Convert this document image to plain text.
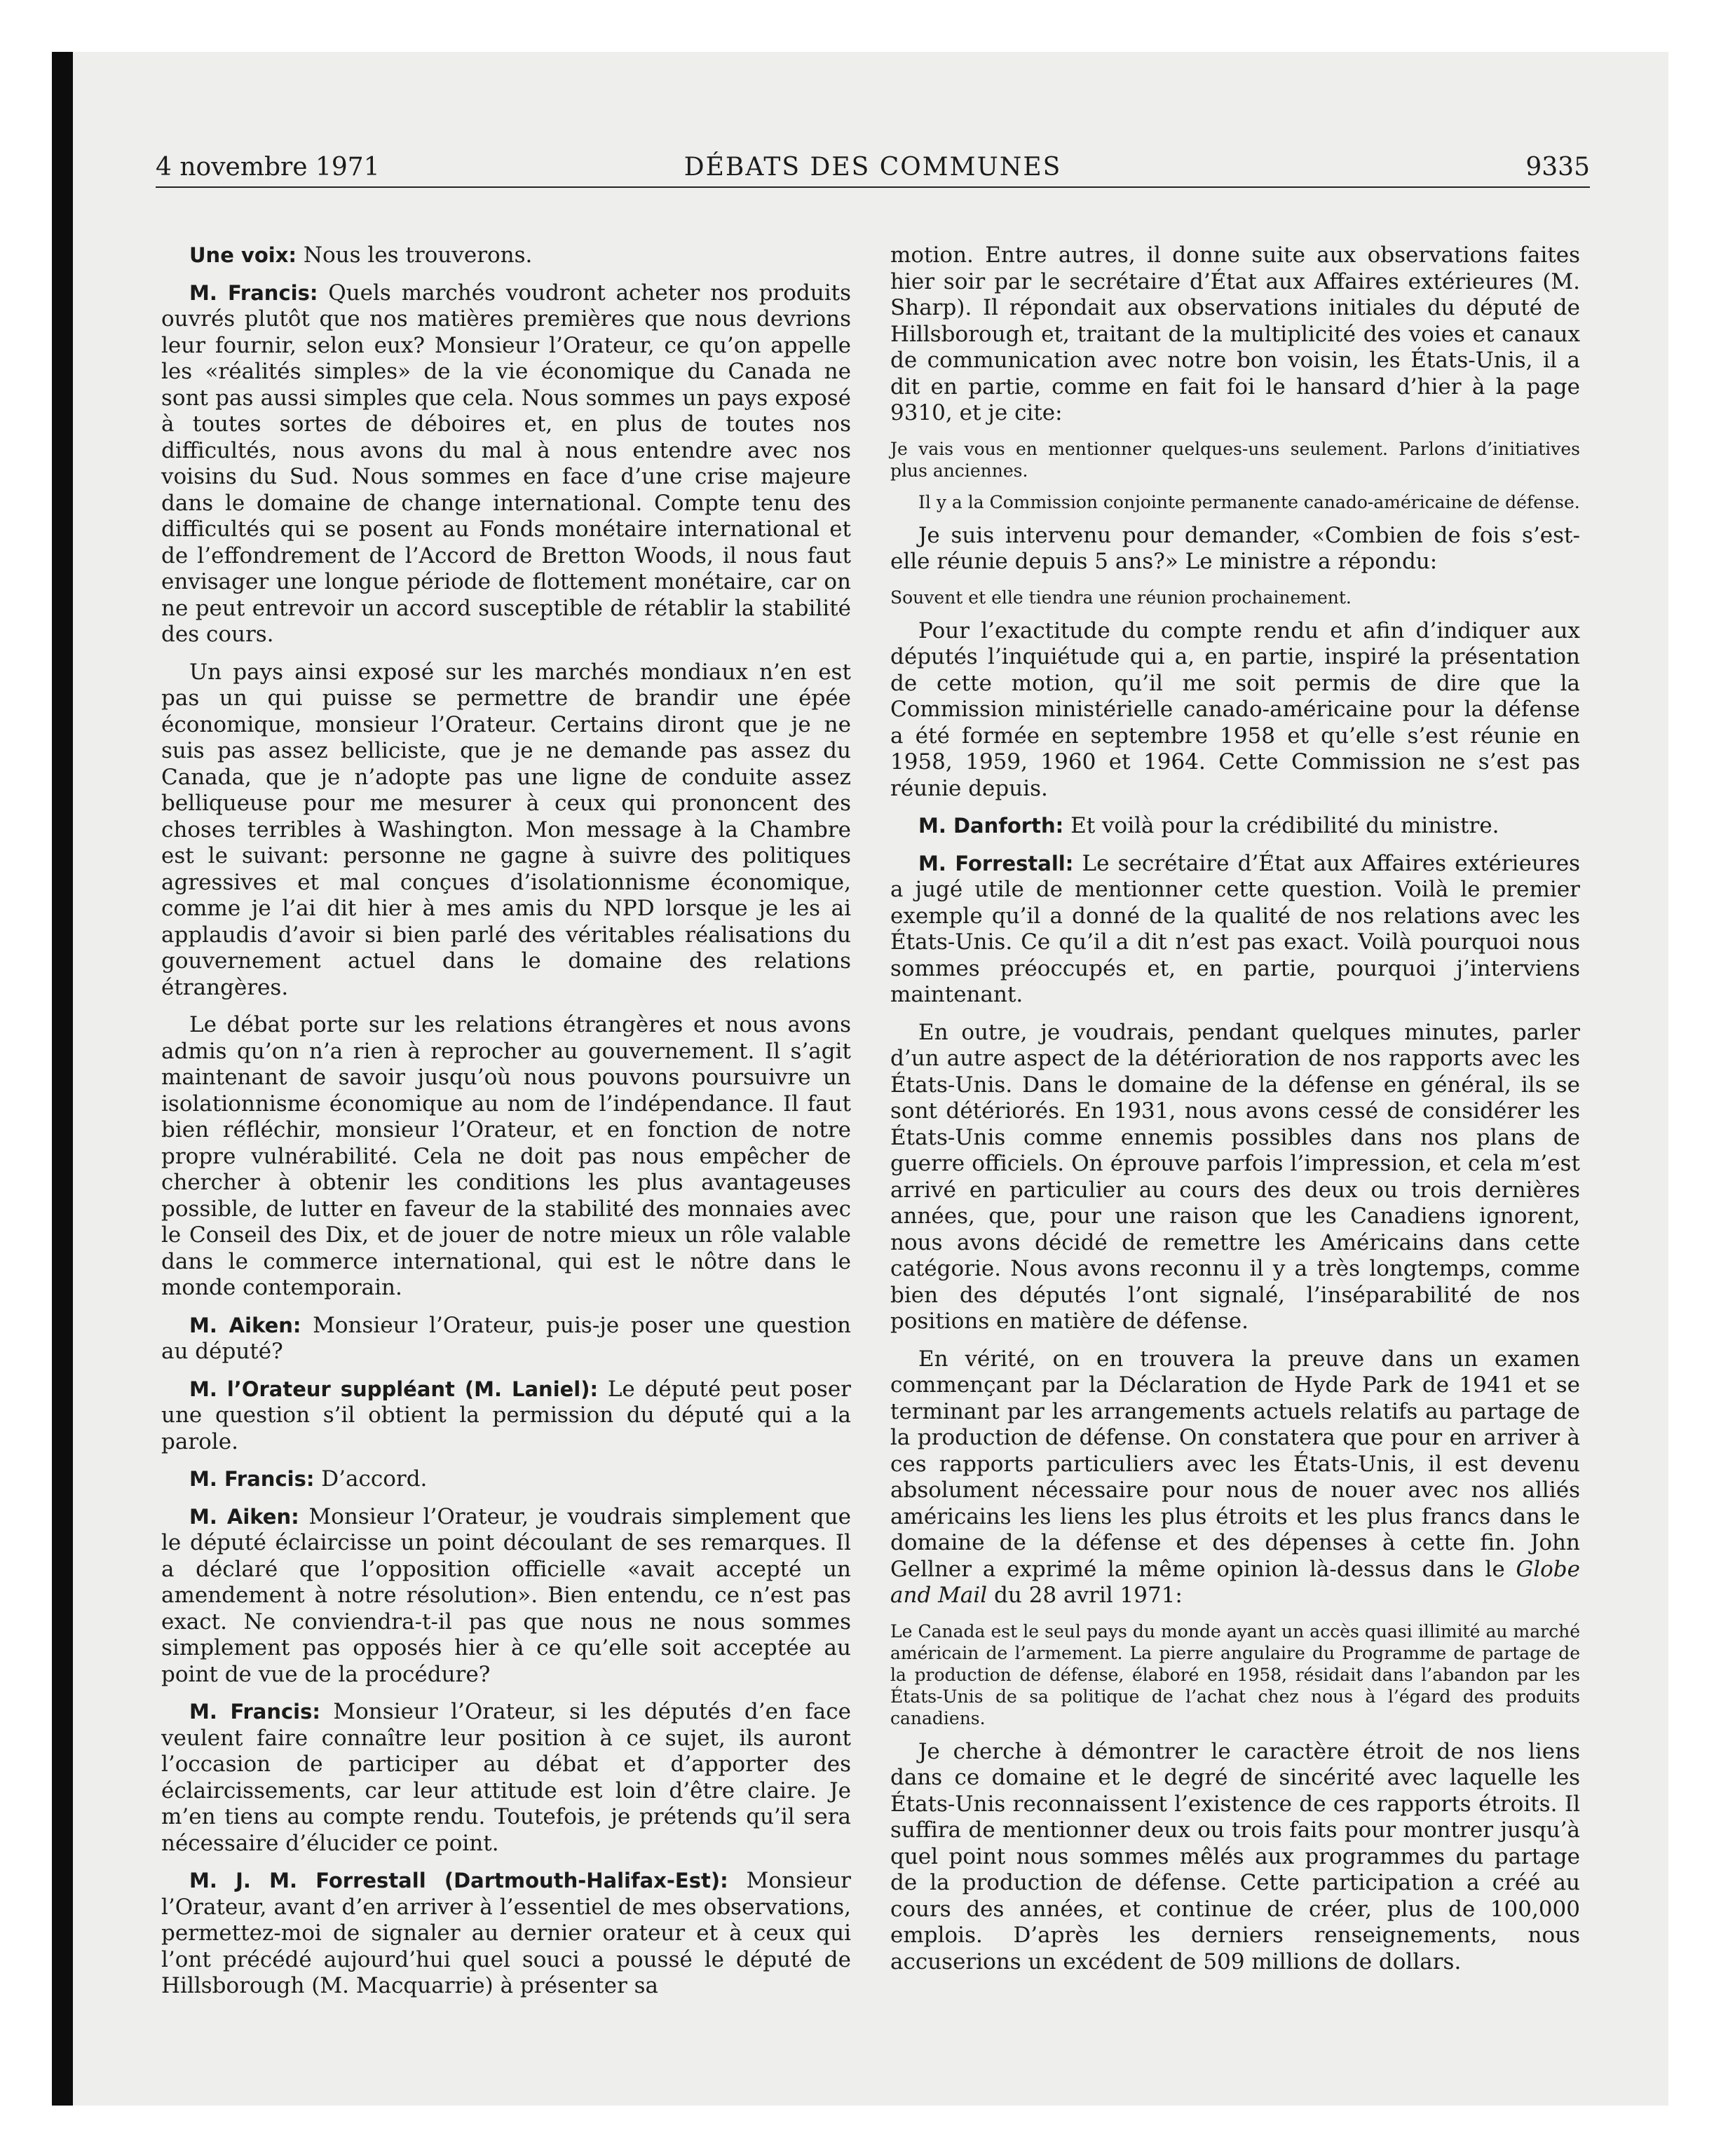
4 novembre 1971	DÉBATS DES COMMUNES	9335

Une voix: Nous les trouverons.

M. Francis: Quels marchés voudront acheter nos produits ouvrés plutôt que nos matières premières que nous devrions leur fournir, selon eux? Monsieur l’Orateur, ce qu’on appelle les «réalités simples» de la vie économique du Canada ne sont pas aussi simples que cela. Nous sommes un pays exposé à toutes sortes de déboires et, en plus de toutes nos difficultés, nous avons du mal à nous entendre avec nos voisins du Sud. Nous sommes en face d’une crise majeure dans le domaine de change international. Compte tenu des difficultés qui se posent au Fonds monétaire international et de l’effondrement de l’Accord de Bretton Woods, il nous faut envisager une longue période de flottement monétaire, car on ne peut entrevoir un accord susceptible de rétablir la stabilité des cours.

Un pays ainsi exposé sur les marchés mondiaux n’en est pas un qui puisse se permettre de brandir une épée économique, monsieur l’Orateur. Certains diront que je ne suis pas assez belliciste, que je ne demande pas assez du Canada, que je n’adopte pas une ligne de conduite assez belliqueuse pour me mesurer à ceux qui prononcent des choses terribles à Washington. Mon message à la Chambre est le suivant: personne ne gagne à suivre des politiques agressives et mal conçues d’isolationnisme économique, comme je l’ai dit hier à mes amis du NPD lorsque je les ai applaudis d’avoir si bien parlé des véritables réalisations du gouvernement actuel dans le domaine des relations étrangères.

Le débat porte sur les relations étrangères et nous avons admis qu’on n’a rien à reprocher au gouvernement. Il s’agit maintenant de savoir jusqu’où nous pouvons poursuivre un isolationnisme économique au nom de l’indépendance. Il faut bien réfléchir, monsieur l’Orateur, et en fonction de notre propre vulnérabilité. Cela ne doit pas nous empêcher de chercher à obtenir les conditions les plus avantageuses possible, de lutter en faveur de la stabilité des monnaies avec le Conseil des Dix, et de jouer de notre mieux un rôle valable dans le commerce international, qui est le nôtre dans le monde contemporain.

M. Aiken: Monsieur l’Orateur, puis-je poser une question au député?

M. l’Orateur suppléant (M. Laniel): Le député peut poser une question s’il obtient la permission du député qui a la parole.

M. Francis: D’accord.

M. Aiken: Monsieur l’Orateur, je voudrais simplement que le député éclaircisse un point découlant de ses remarques. Il a déclaré que l’opposition officielle «avait accepté un amendement à notre résolution». Bien entendu, ce n’est pas exact. Ne conviendra-t-il pas que nous ne nous sommes simplement pas opposés hier à ce qu’elle soit acceptée au point de vue de la procédure?

M. Francis: Monsieur l’Orateur, si les députés d’en face veulent faire connaître leur position à ce sujet, ils auront l’occasion de participer au débat et d’apporter des éclaircissements, car leur attitude est loin d’être claire. Je m’en tiens au compte rendu. Toutefois, je prétends qu’il sera nécessaire d’élucider ce point.

M. J. M. Forrestall (Dartmouth-Halifax-Est): Monsieur l’Orateur, avant d’en arriver à l’essentiel de mes observations, permettez-moi de signaler au dernier orateur et à ceux qui l’ont précédé aujourd’hui quel souci a poussé le député de Hillsborough (M. Macquarrie) à présenter sa

motion. Entre autres, il donne suite aux observations faites hier soir par le secrétaire d’État aux Affaires extérieures (M. Sharp). Il répondait aux observations initiales du député de Hillsborough et, traitant de la multiplicité des voies et canaux de communication avec notre bon voisin, les États-Unis, il a dit en partie, comme en fait foi le hansard d’hier à la page 9310, et je cite:

Je vais vous en mentionner quelques-uns seulement. Parlons d’initiatives plus anciennes.

Il y a la Commission conjointe permanente canado-américaine de défense.

Je suis intervenu pour demander, «Combien de fois s’est-elle réunie depuis 5 ans?» Le ministre a répondu:

Souvent et elle tiendra une réunion prochainement.

Pour l’exactitude du compte rendu et afin d’indiquer aux députés l’inquiétude qui a, en partie, inspiré la présentation de cette motion, qu’il me soit permis de dire que la Commission ministérielle canado-américaine pour la défense a été formée en septembre 1958 et qu’elle s’est réunie en 1958, 1959, 1960 et 1964. Cette Commission ne s’est pas réunie depuis.

M. Danforth: Et voilà pour la crédibilité du ministre.

M. Forrestall: Le secrétaire d’État aux Affaires extérieures a jugé utile de mentionner cette question. Voilà le premier exemple qu’il a donné de la qualité de nos relations avec les États-Unis. Ce qu’il a dit n’est pas exact. Voilà pourquoi nous sommes préoccupés et, en partie, pourquoi j’interviens maintenant.

En outre, je voudrais, pendant quelques minutes, parler d’un autre aspect de la détérioration de nos rapports avec les États-Unis. Dans le domaine de la défense en général, ils se sont détériorés. En 1931, nous avons cessé de considérer les États-Unis comme ennemis possibles dans nos plans de guerre officiels. On éprouve parfois l’impression, et cela m’est arrivé en particulier au cours des deux ou trois dernières années, que, pour une raison que les Canadiens ignorent, nous avons décidé de remettre les Américains dans cette catégorie. Nous avons reconnu il y a très longtemps, comme bien des députés l’ont signalé, l’inséparabilité de nos positions en matière de défense.

En vérité, on en trouvera la preuve dans un examen commençant par la Déclaration de Hyde Park de 1941 et se terminant par les arrangements actuels relatifs au partage de la production de défense. On constatera que pour en arriver à ces rapports particuliers avec les États-Unis, il est devenu absolument nécessaire pour nous de nouer avec nos alliés américains les liens les plus étroits et les plus francs dans le domaine de la défense et des dépenses à cette fin. John Gellner a exprimé la même opinion là-dessus dans le Globe and Mail du 28 avril 1971:

Le Canada est le seul pays du monde ayant un accès quasi illimité au marché américain de l’armement. La pierre angulaire du Programme de partage de la production de défense, élaboré en 1958, résidait dans l’abandon par les États-Unis de sa politique de l’achat chez nous à l’égard des produits canadiens.

Je cherche à démontrer le caractère étroit de nos liens dans ce domaine et le degré de sincérité avec laquelle les États-Unis reconnaissent l’existence de ces rapports étroits. Il suffira de mentionner deux ou trois faits pour montrer jusqu’à quel point nous sommes mêlés aux programmes du partage de la production de défense. Cette participation a créé au cours des années, et continue de créer, plus de 100,000 emplois. D’après les derniers renseignements, nous accuserions un excédent de 509 millions de dollars.
